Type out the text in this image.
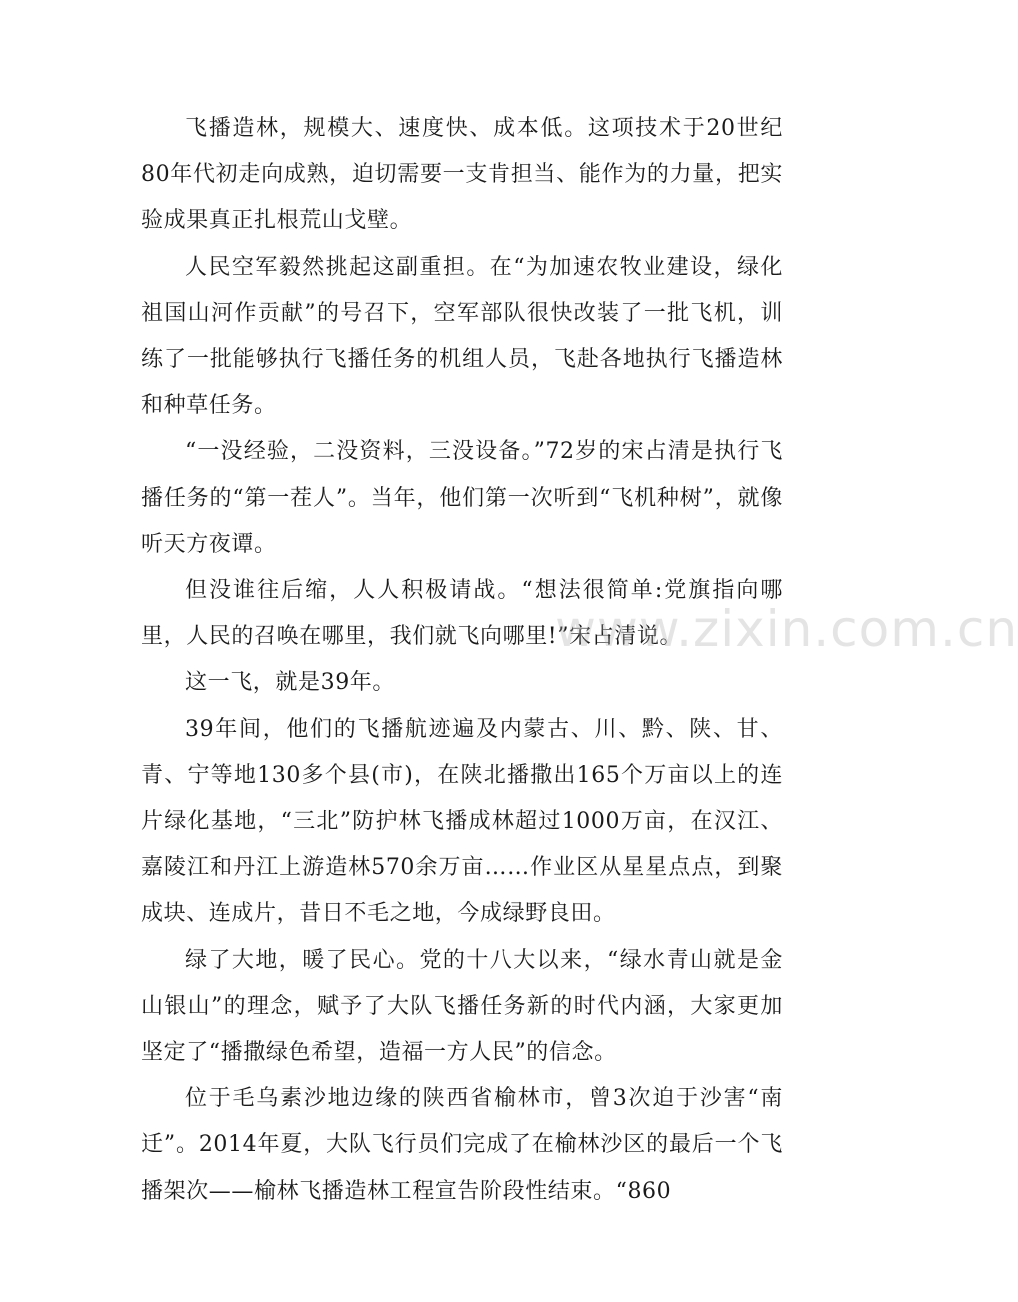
飞播造林，规模大、速度快、成本低。这项技术于20世纪80年代初走向成熟，迫切需要一支肯担当、能作为的力量，把实验成果真正扎根荒山戈壁。

人民空军毅然挑起这副重担。在“为加速农牧业建设，绿化祖国山河作贡献”的号召下，空军部队很快改装了一批飞机，训练了一批能够执行飞播任务的机组人员，飞赴各地执行飞播造林和种草任务。

“一没经验，二没资料，三没设备。”72岁的宋占清是执行飞播任务的“第一茬人”。当年，他们第一次听到“飞机种树”，就像听天方夜谭。

但没谁往后缩，人人积极请战。“想法很简单:党旗指向哪里，人民的召唤在哪里，我们就飞向哪里!”宋占清说。

这一飞，就是39年。

39年间，他们的飞播航迹遍及内蒙古、川、黔、陕、甘、青、宁等地130多个县(市)，在陕北播撒出165个万亩以上的连片绿化基地，“三北”防护林飞播成林超过1000万亩，在汉江、嘉陵江和丹江上游造林570余万亩……作业区从星星点点，到聚成块、连成片，昔日不毛之地，今成绿野良田。

绿了大地，暖了民心。党的十八大以来，“绿水青山就是金山银山”的理念，赋予了大队飞播任务新的时代内涵，大家更加坚定了“播撒绿色希望，造福一方人民”的信念。

位于毛乌素沙地边缘的陕西省榆林市，曾3次迫于沙害“南迁”。2014年夏，大队飞行员们完成了在榆林沙区的最后一个飞播架次——榆林飞播造林工程宣告阶段性结束。“860

www.zixin.com.cn
